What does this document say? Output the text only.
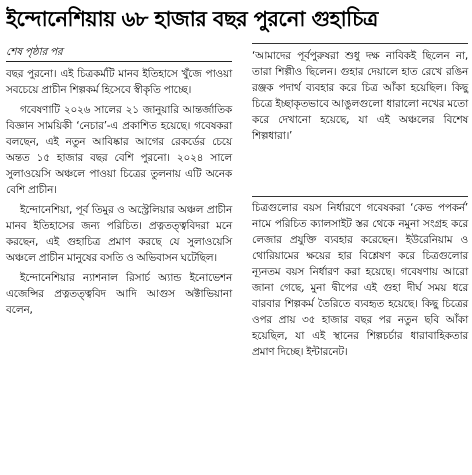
ইন্দোনেশিয়ায় ৬৮ হাজার বছর পুরনো গুহাচিত্র
শেষ পৃষ্ঠার পর

বছর পুরনো। এই চিত্রকর্মটি মানব ইতিহাসে খুঁজে পাওয়া সবচেয়ে প্রাচীন শিল্পকর্ম হিসেবে স্বীকৃতি পাচ্ছে।

গবেষণাটি ২০২৬ সালের ২১ জানুয়ারি আন্তর্জাতিক বিজ্ঞান সাময়িকী ‘নেচার’-এ প্রকাশিত হয়েছে। গবেষকরা বলছেন, এই নতুন আবিষ্কার আগের রেকর্ডের চেয়ে অন্তত ১৫ হাজার বছর বেশি পুরনো। ২০২৪ সালে সুলাওয়েসি অঞ্চলে পাওয়া চিত্রের তুলনায় এটি অনেক বেশি প্রাচীন।

ইন্দোনেশিয়া, পূর্ব তিমুর ও অস্ট্রেলিয়ার অঞ্চল প্রাচীন মানব ইতিহাসের জন্য পরিচিত। প্রত্নতত্ত্ববিদরা মনে করছেন, এই গুহাচিত্র প্রমাণ করছে যে সুলাওয়েসি অঞ্চলে প্রাচীন মানুষের বসতি ও অভিবাসন ঘটেছিল।

ইন্দোনেশিয়ার ন্যাশনাল রিসার্চ অ্যান্ড ইনোভেশন এজেন্সির প্রত্নতত্ত্ববিদ আদি আগুস অক্টাভিয়ানা বলেন,

‘আমাদের পূর্বপুরুষরা শুধু দক্ষ নাবিকই ছিলেন না, তারা শিল্পীও ছিলেন। গুহার দেয়ালে হাত রেখে রঙিন রঞ্জক পদার্থ ব্যবহার করে চিত্র আঁকা হয়েছিল। কিছু চিত্রে ইচ্ছাকৃতভাবে আঙুলগুলো ধারালো নখের মতো করে দেখানো হয়েছে, যা এই অঞ্চলের বিশেষ শিল্পধারা।’

চিত্রগুলোর বয়স নির্ধারণে গবেষকরা ‘কেভ পপকর্ন’ নামে পরিচিত ক্যালসাইট স্তর থেকে নমুনা সংগ্রহ করে লেজার প্রযুক্তি ব্যবহার করেছেন। ইউরেনিয়াম ও থোরিয়ামের ক্ষয়ের হার বিশ্লেষণ করে চিত্রগুলোর ন্যূনতম বয়স নির্ধারণ করা হয়েছে। গবেষণায় আরো জানা গেছে, মুনা দ্বীপের এই গুহা দীর্ঘ সময় ধরে বারবার শিল্পকর্ম তৈরিতে ব্যবহৃত হয়েছে। কিছু চিত্রের ওপর প্রায় ৩৫ হাজার বছর পর নতুন ছবি আঁকা হয়েছিল, যা এই স্থানের শিল্পচর্চার ধারাবাহিকতার প্রমাণ দিচ্ছে। ইন্টারনেট।
